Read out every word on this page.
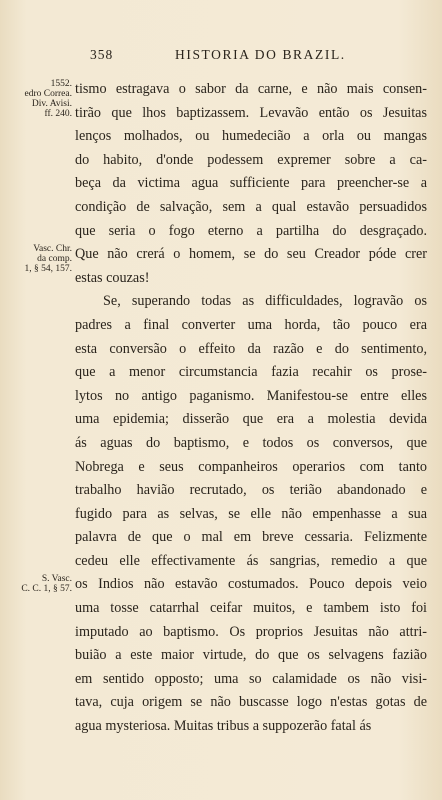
358	HISTORIA DO BRAZIL.
1552.
edro Correa.
Div. Avisi.
ff. 240.
Vasc. Chr.
da comp.
1, § 54, 157.
S. Vasc.
C. C. 1, § 57.
tismo estragava o sabor da carne, e não mais consen-
tirão que lhos baptizassem. Levavão então os Jesuitas
lenços molhados, ou humedecião a orla ou mangas
do habito, d'onde podessem expremer sobre a ca-
beça da victima agua sufficiente para preencher-se a
condição de salvação, sem a qual estavão persuadidos
que seria o fogo eterno a partilha do desgraçado.
Que não crerá o homem, se do seu Creador póde crer
estas couzas!
Se, superando todas as difficuldades, logravão os
padres a final converter uma horda, tão pouco era
esta conversão o effeito da razão e do sentimento,
que a menor circumstancia fazia recahir os prose-
lytos no antigo paganismo. Manifestou-se entre elles
uma epidemia; disserão que era a molestia devida
ás aguas do baptismo, e todos os conversos, que
Nobrega e seus companheiros operarios com tanto
trabalho havião recrutado, os terião abandonado e
fugido para as selvas, se elle não empenhasse a sua
palavra de que o mal em breve cessaria. Felizmente
cedeu elle effectivamente ás sangrias, remedio a que
os Indios não estavão costumados. Pouco depois veio
uma tosse catarrhal ceifar muitos, e tambem isto foi
imputado ao baptismo. Os proprios Jesuitas não attri-
buião a este maior virtude, do que os selvagens fazião
em sentido opposto; uma so calamidade os não visi-
tava, cuja origem se não buscasse logo n'estas gotas de
agua mysteriosa. Muitas tribus a suppozerão fatal ás
